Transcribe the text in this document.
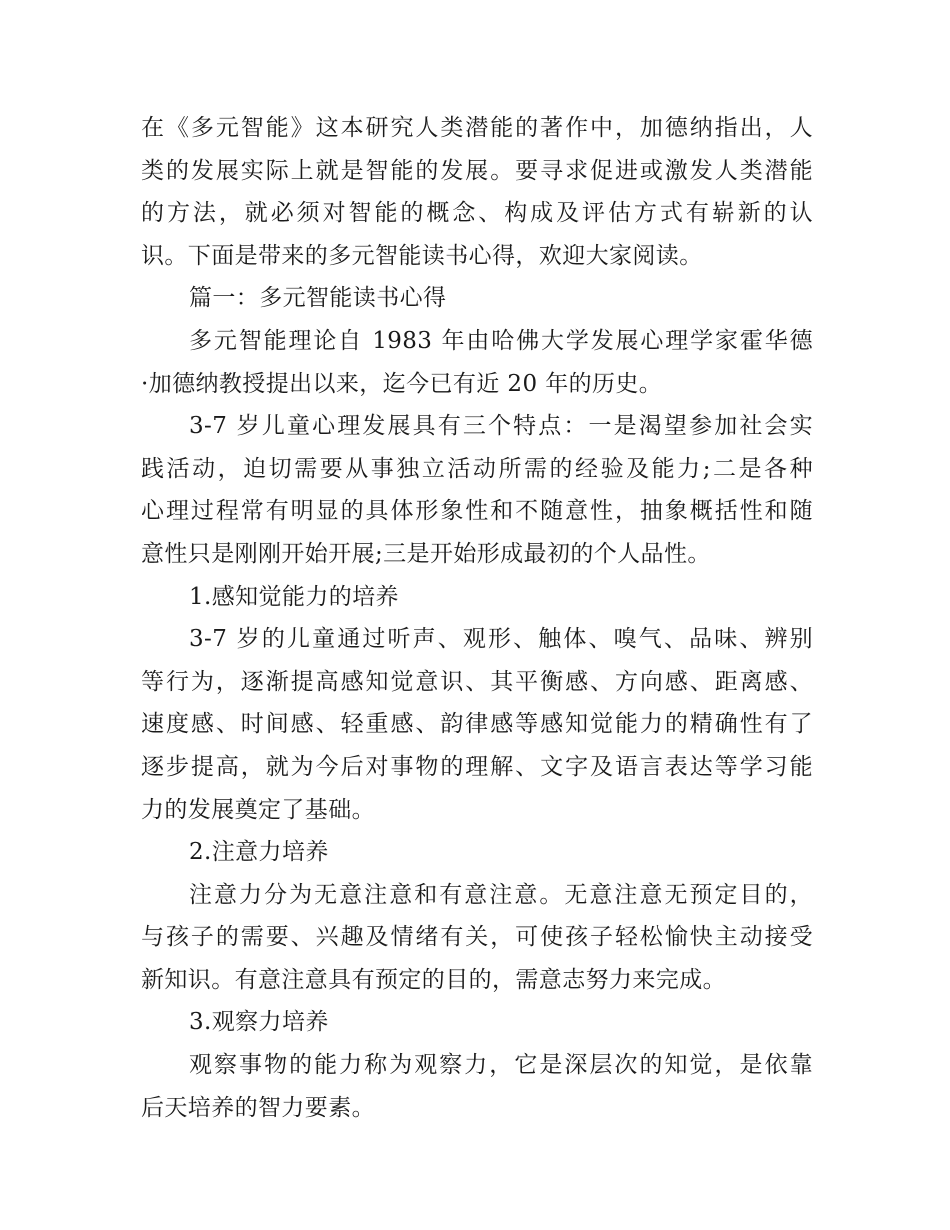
在《多元智能》这本研究人类潜能的著作中，加德纳指出，人
类的发展实际上就是智能的发展。要寻求促进或激发人类潜能
的方法，就必须对智能的概念、构成及评估方式有崭新的认
识。下面是带来的多元智能读书心得，欢迎大家阅读。
篇一：多元智能读书心得
多元智能理论自 1983 年由哈佛大学发展心理学家霍华德
·加德纳教授提出以来，迄今已有近 20 年的历史。
3-7 岁儿童心理发展具有三个特点：一是渴望参加社会实
践活动，迫切需要从事独立活动所需的经验及能力;二是各种
心理过程常有明显的具体形象性和不随意性，抽象概括性和随
意性只是刚刚开始开展;三是开始形成最初的个人品性。
1.感知觉能力的培养
3-7 岁的儿童通过听声、观形、触体、嗅气、品味、辨别
等行为，逐渐提高感知觉意识、其平衡感、方向感、距离感、
速度感、时间感、轻重感、韵律感等感知觉能力的精确性有了
逐步提高，就为今后对事物的理解、文字及语言表达等学习能
力的发展奠定了基础。
2.注意力培养
注意力分为无意注意和有意注意。无意注意无预定目的，
与孩子的需要、兴趣及情绪有关，可使孩子轻松愉快主动接受
新知识。有意注意具有预定的目的，需意志努力来完成。
3.观察力培养
观察事物的能力称为观察力，它是深层次的知觉，是依靠
后天培养的智力要素。
